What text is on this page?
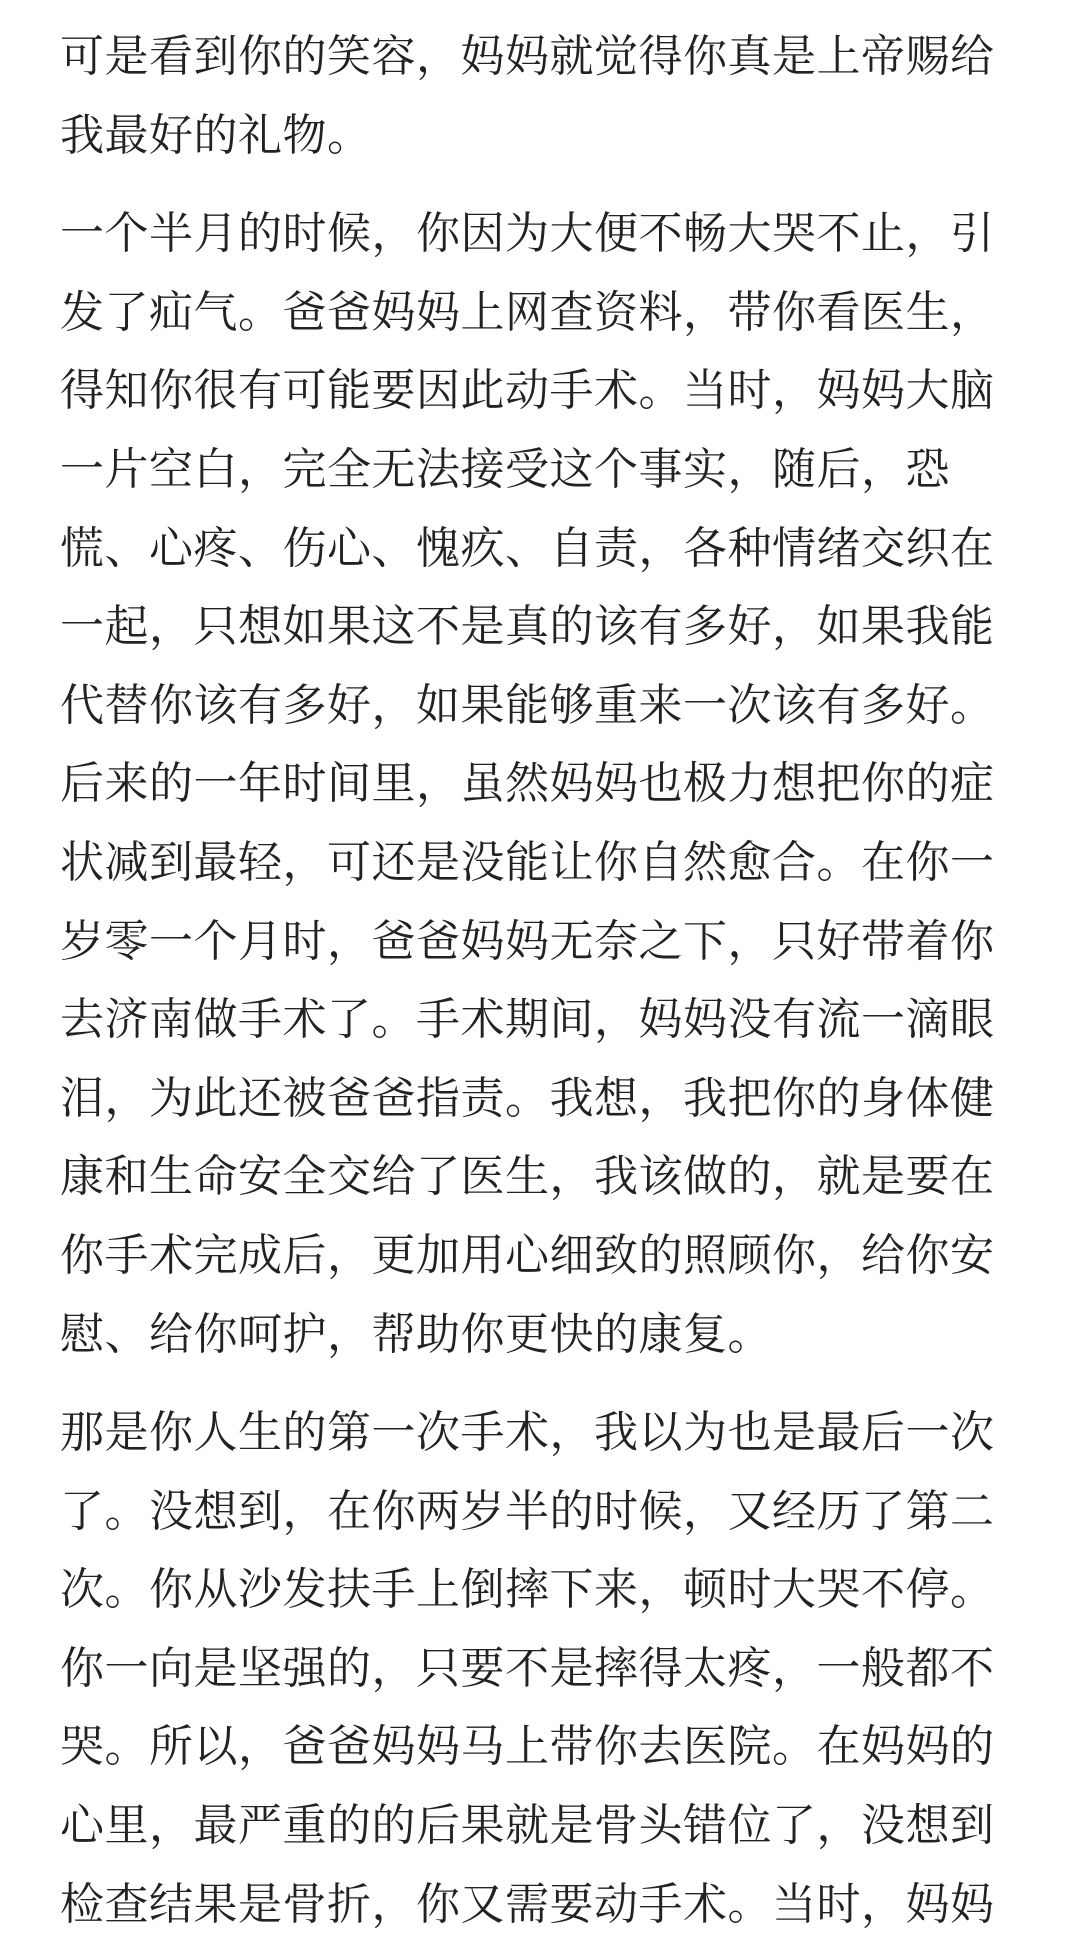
可是看到你的笑容，妈妈就觉得你真是上帝赐给
我最好的礼物。

一个半月的时候，你因为大便不畅大哭不止，引
发了疝气。爸爸妈妈上网查资料，带你看医生，
得知你很有可能要因此动手术。当时，妈妈大脑
一片空白，完全无法接受这个事实，随后，恐
慌、心疼、伤心、愧疚、自责，各种情绪交织在
一起，只想如果这不是真的该有多好，如果我能
代替你该有多好，如果能够重来一次该有多好。
后来的一年时间里，虽然妈妈也极力想把你的症
状减到最轻，可还是没能让你自然愈合。在你一
岁零一个月时，爸爸妈妈无奈之下，只好带着你
去济南做手术了。手术期间，妈妈没有流一滴眼
泪，为此还被爸爸指责。我想，我把你的身体健
康和生命安全交给了医生，我该做的，就是要在
你手术完成后，更加用心细致的照顾你，给你安
慰、给你呵护，帮助你更快的康复。

那是你人生的第一次手术，我以为也是最后一次
了。没想到，在你两岁半的时候，又经历了第二
次。你从沙发扶手上倒摔下来，顿时大哭不停。
你一向是坚强的，只要不是摔得太疼，一般都不
哭。所以，爸爸妈妈马上带你去医院。在妈妈的
心里，最严重的的后果就是骨头错位了，没想到
检查结果是骨折，你又需要动手术。当时，妈妈
